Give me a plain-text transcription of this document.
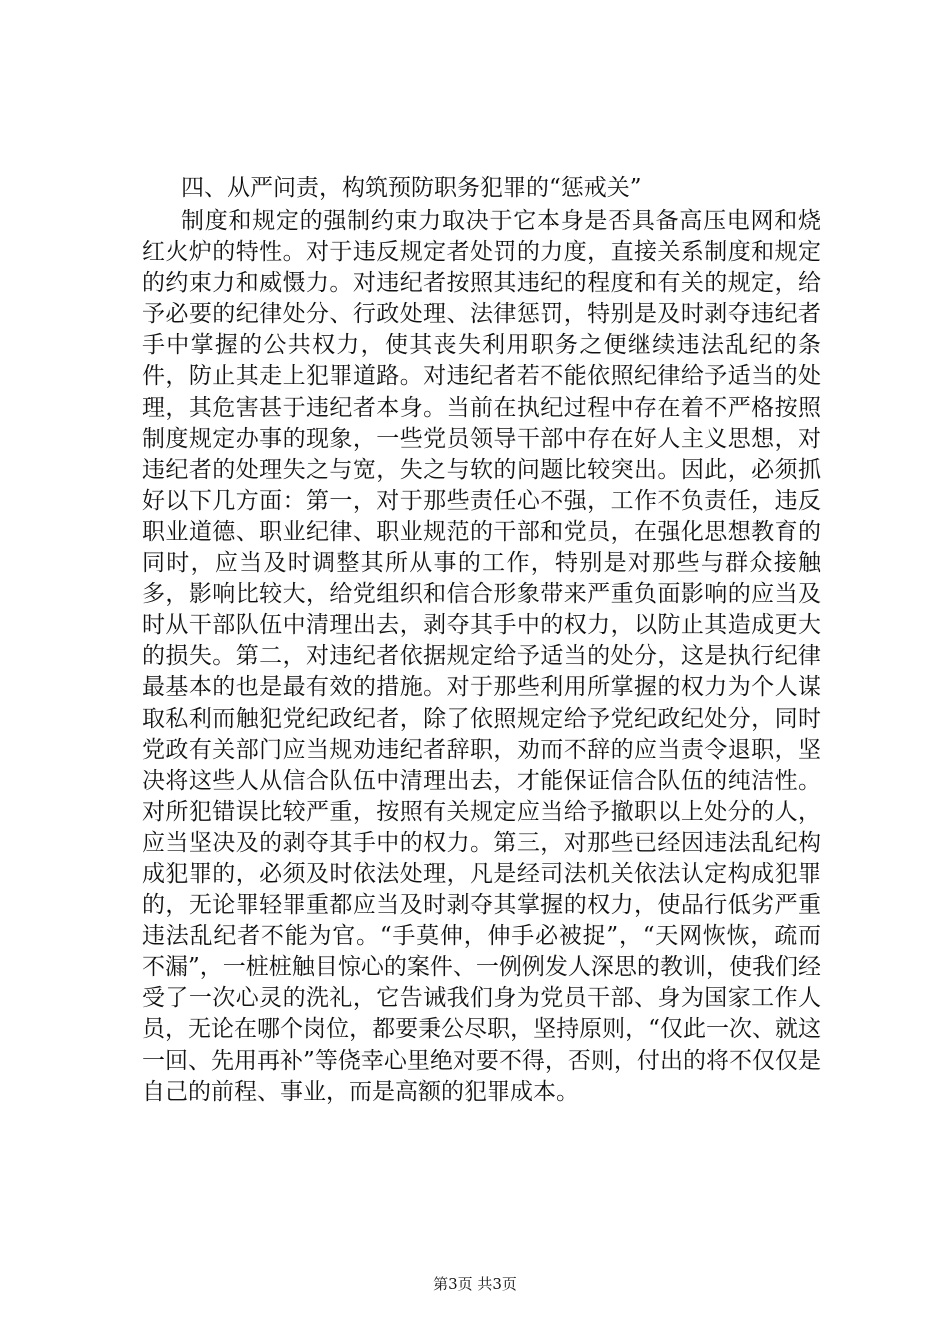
四、从严问责，构筑预防职务犯罪的“惩戒关”

制度和规定的强制约束力取决于它本身是否具备高压电网和烧红火炉的特性。对于违反规定者处罚的力度，直接关系制度和规定的约束力和威慑力。对违纪者按照其违纪的程度和有关的规定，给予必要的纪律处分、行政处理、法律惩罚，特别是及时剥夺违纪者手中掌握的公共权力，使其丧失利用职务之便继续违法乱纪的条件，防止其走上犯罪道路。对违纪者若不能依照纪律给予适当的处理，其危害甚于违纪者本身。当前在执纪过程中存在着不严格按照制度规定办事的现象，一些党员领导干部中存在好人主义思想，对违纪者的处理失之与宽，失之与软的问题比较突出。因此，必须抓好以下几方面：第一，对于那些责任心不强，工作不负责任，违反职业道德、职业纪律、职业规范的干部和党员，在强化思想教育的同时，应当及时调整其所从事的工作，特别是对那些与群众接触多，影响比较大，给党组织和信合形象带来严重负面影响的应当及时从干部队伍中清理出去，剥夺其手中的权力，以防止其造成更大的损失。第二，对违纪者依据规定给予适当的处分，这是执行纪律最基本的也是最有效的措施。对于那些利用所掌握的权力为个人谋取私利而触犯党纪政纪者，除了依照规定给予党纪政纪处分，同时党政有关部门应当规劝违纪者辞职，劝而不辞的应当责令退职，坚决将这些人从信合队伍中清理出去，才能保证信合队伍的纯洁性。对所犯错误比较严重，按照有关规定应当给予撤职以上处分的人，应当坚决及的剥夺其手中的权力。第三，对那些已经因违法乱纪构成犯罪的，必须及时依法处理，凡是经司法机关依法认定构成犯罪的，无论罪轻罪重都应当及时剥夺其掌握的权力，使品行低劣严重违法乱纪者不能为官。“手莫伸，伸手必被捉”，“天网恢恢，疏而不漏”，一桩桩触目惊心的案件、一例例发人深思的教训，使我们经受了一次心灵的洗礼，它告诫我们身为党员干部、身为国家工作人员，无论在哪个岗位，都要秉公尽职，坚持原则，“仅此一次、就这一回、先用再补”等侥幸心里绝对要不得，否则，付出的将不仅仅是自己的前程、事业，而是高额的犯罪成本。

第3页 共3页
